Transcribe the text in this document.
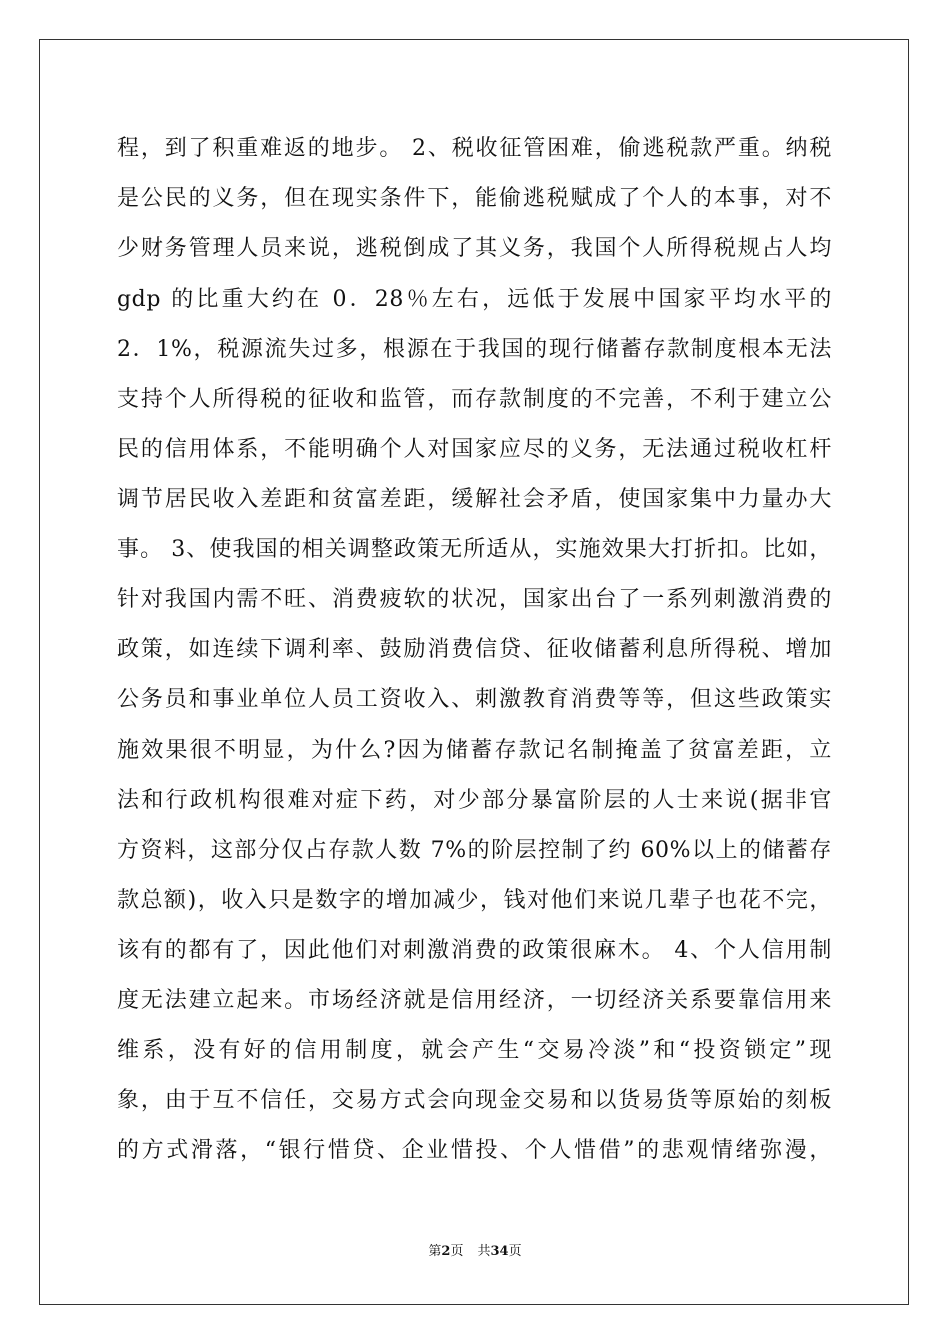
程，到了积重难返的地步。 2、税收征管困难，偷逃税款严重。纳税
是公民的义务，但在现实条件下，能偷逃税赋成了个人的本事，对不
少财务管理人员来说，逃税倒成了其义务，我国个人所得税规占人均
gdp 的比重大约在 0．28％左右，远低于发展中国家平均水平的
2．1%，税源流失过多，根源在于我国的现行储蓄存款制度根本无法
支持个人所得税的征收和监管，而存款制度的不完善，不利于建立公
民的信用体系，不能明确个人对国家应尽的义务，无法通过税收杠杆
调节居民收入差距和贫富差距，缓解社会矛盾，使国家集中力量办大
事。 3、使我国的相关调整政策无所适从，实施效果大打折扣。比如，
针对我国内需不旺、消费疲软的状况，国家出台了一系列刺激消费的
政策，如连续下调利率、鼓励消费信贷、征收储蓄利息所得税、增加
公务员和事业单位人员工资收入、刺激教育消费等等，但这些政策实
施效果很不明显，为什么?因为储蓄存款记名制掩盖了贫富差距，立
法和行政机构很难对症下药，对少部分暴富阶层的人士来说(据非官
方资料，这部分仅占存款人数 7%的阶层控制了约 60%以上的储蓄存
款总额)，收入只是数字的增加减少，钱对他们来说几辈子也花不完，
该有的都有了，因此他们对刺激消费的政策很麻木。 4、个人信用制
度无法建立起来。市场经济就是信用经济，一切经济关系要靠信用来
维系，没有好的信用制度，就会产生“交易冷淡”和“投资锁定”现
象，由于互不信任，交易方式会向现金交易和以货易货等原始的刻板
的方式滑落，“银行惜贷、企业惜投、个人惜借”的悲观情绪弥漫，
第2页 共34页
